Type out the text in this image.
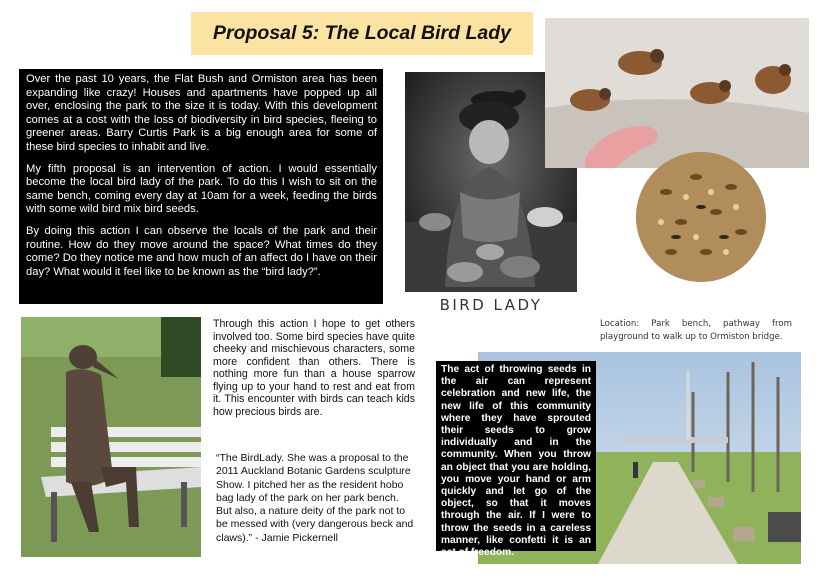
Proposal 5: The Local Bird Lady

Over the past 10 years, the Flat Bush and Ormiston area has been expanding like crazy! Houses and apartments have popped up all over, enclosing the park to the size it is today. With this development comes at a cost with the loss of biodiversity in bird species, fleeing to greener areas. Barry Curtis Park is a big enough area for some of these bird species to inhabit and live.

My fifth proposal is an intervention of action. I would essentially become the local bird lady of the park. To do this I wish to sit on the same bench, coming every day at 10am for a week, feeding the birds with some wild bird mix bird seeds.

By doing this action I can observe the locals of the park and their routine. How do they move around the space? What times do they come? Do they notice me and how much of an affect do I have on their day? What would it feel like to be known as the “bird lady?”.

BIRD LADY
Location: Park bench, pathway from playground to walk up to Ormiston bridge.
Through this action I hope to get others involved too. Some bird species have quite cheeky and mischievous characters, some more confident than others. There is nothing more fun than a house sparrow flying up to your hand to rest and eat from it. This encounter with birds can teach kids how precious birds are.
“The BirdLady. She was a proposal to the 2011 Auckland Botanic Gardens sculpture Show. I pitched her as the resident hobo bag lady of the park on her park bench. But also, a nature deity of the park not to be messed with (very dangerous beck and claws).” - Jamie Pickernell

The act of throwing seeds in the air can represent celebration and new life, the new life of this community where they have sprouted their seeds to grow individually and in the community. When you throw an object that you are holding, you move your hand or arm quickly and let go of the object, so that it moves through the air. If I were to throw the seeds in a careless manner, like confetti it is an act of freedom.
